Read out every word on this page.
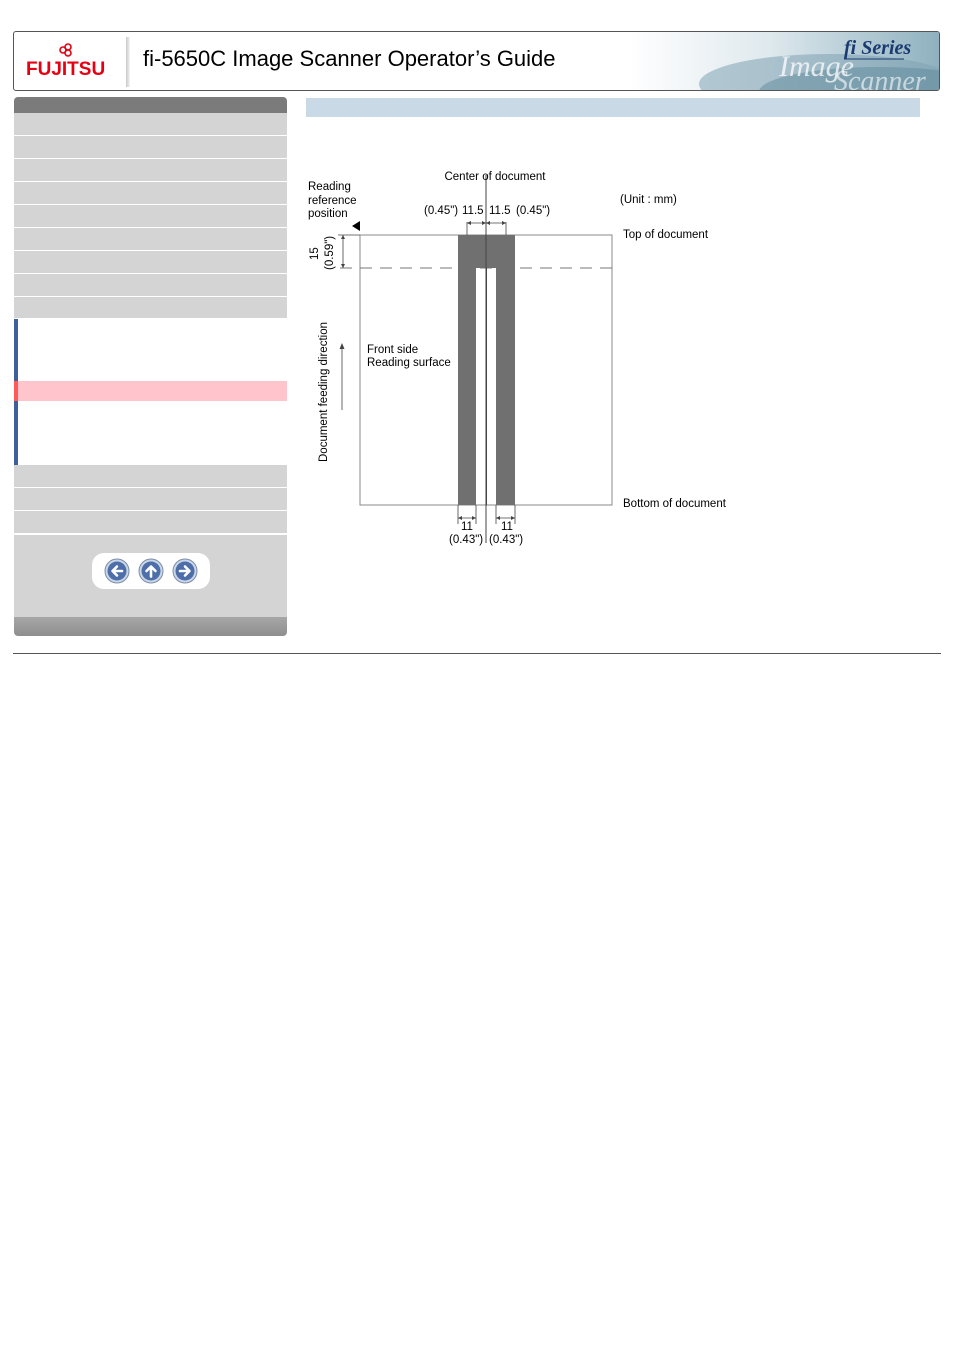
FUJITSU fi-5650C Image Scanner Operator’s Guide	Image
Scanner
fi Series
Center of document
(Unit : mm)
Reading
reference
position	(0.45") 11.5 11.5 (0.45")
Top of document
Bottom of document
15 (0.59")
Document feeding direction	Front side
Reading surface
11
(0.43")
11
(0.43")
